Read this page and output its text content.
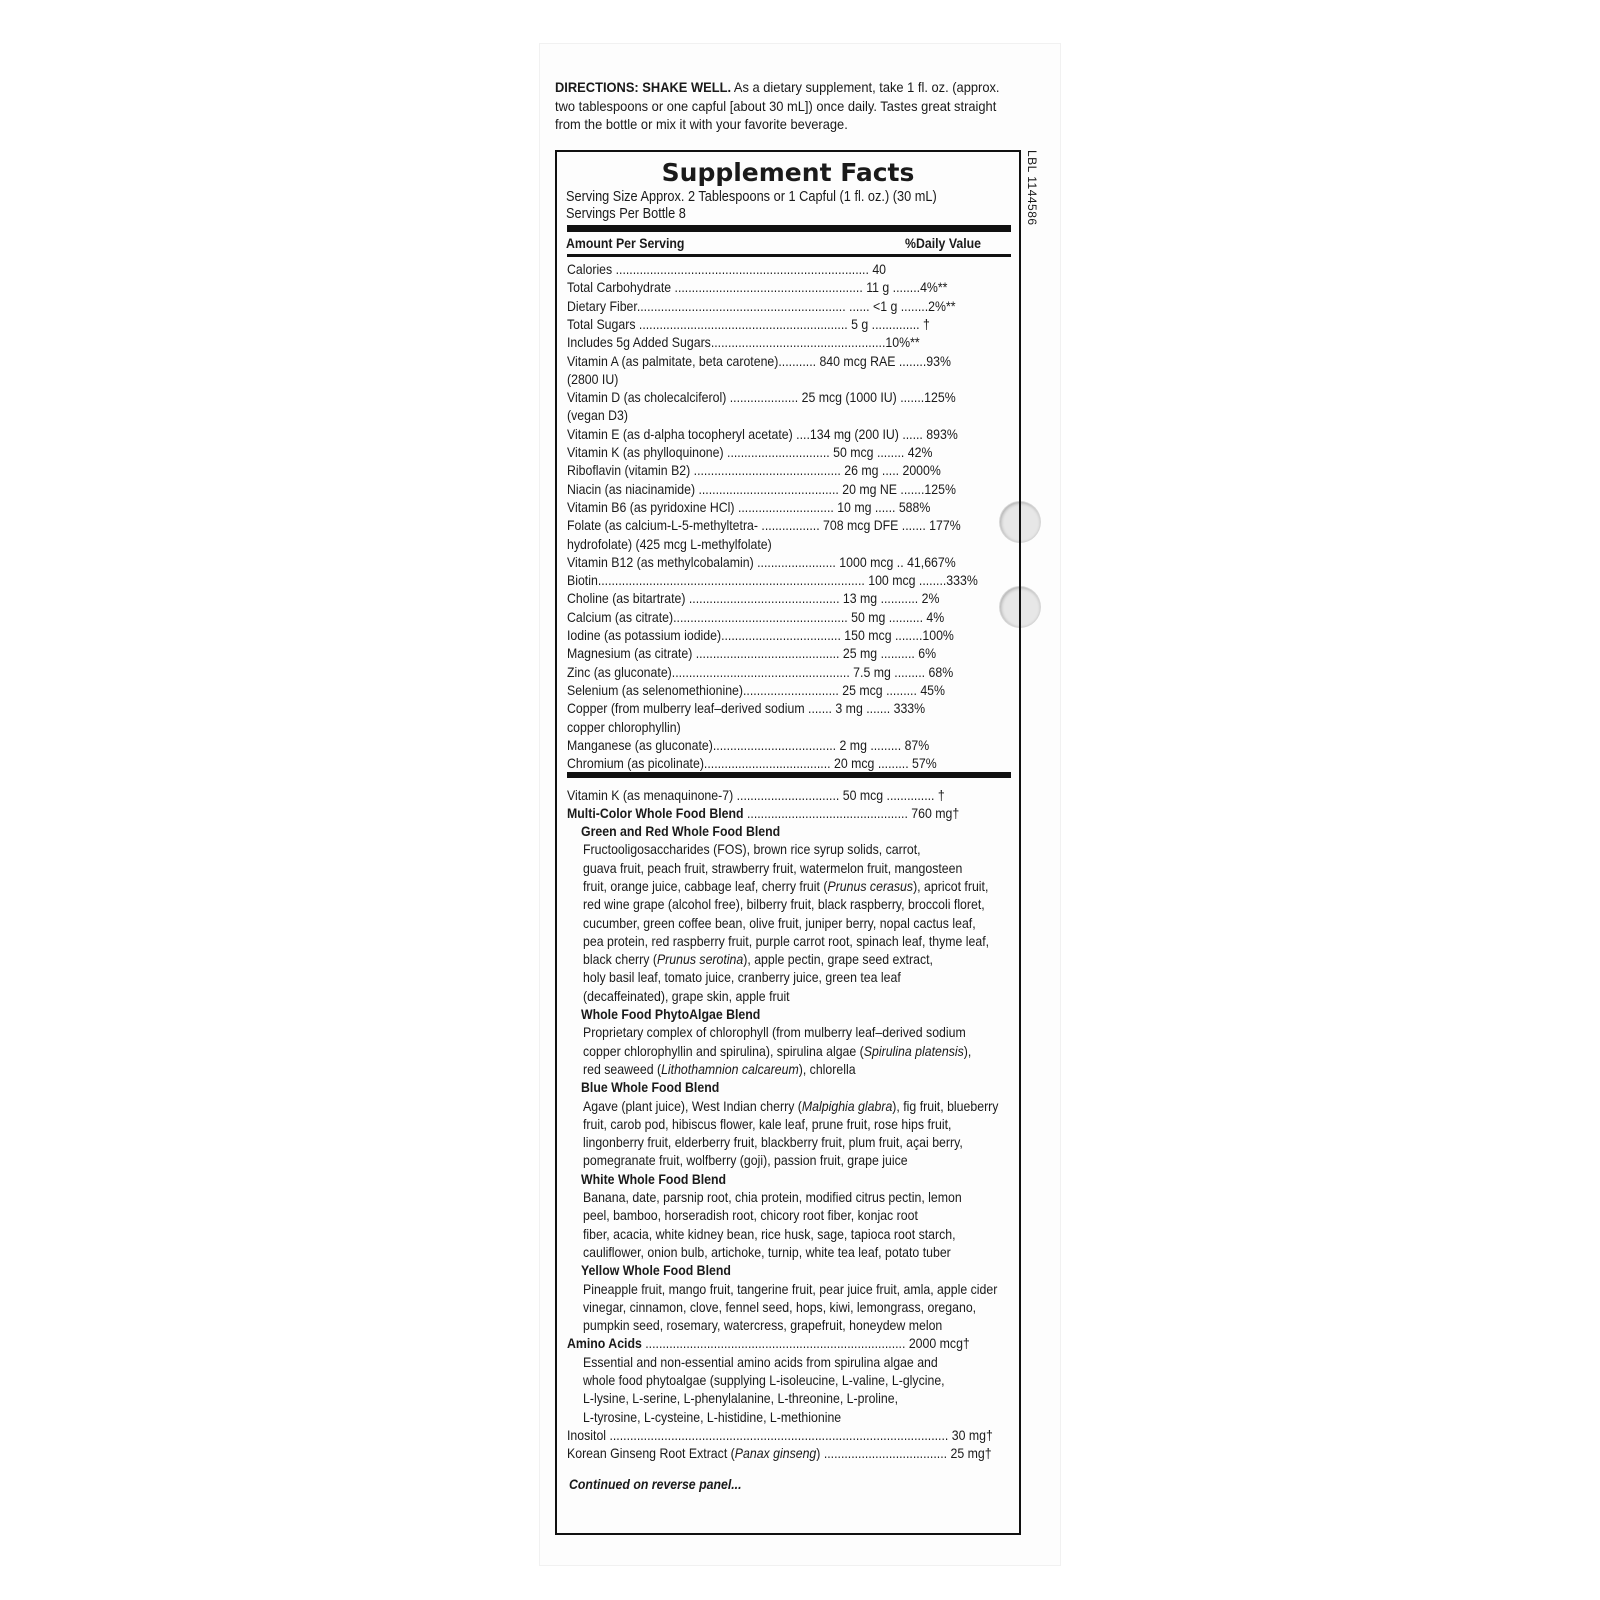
DIRECTIONS: SHAKE WELL. As a dietary supplement, take 1 fl. oz. (approx.
two tablespoons or one capful [about 30 mL]) once daily. Tastes great straight
from the bottle or mix it with your favorite beverage.
LBL 1144586
Supplement Facts
Serving Size Approx. 2 Tablespoons or 1 Capful (1 fl. oz.) (30 mL)
Servings Per Bottle 8
Amount Per Serving	%Daily Value
Calories .......................................................................... 40
Total Carbohydrate ....................................................... 11 g ........4%**
Dietary Fiber............................................................. ...... <1 g ........2%**
Total Sugars ............................................................. 5 g .............. †
Includes 5g Added Sugars...................................................10%**
Vitamin A (as palmitate, beta carotene)........... 840 mcg RAE ........93%
(2800 IU)
Vitamin D (as cholecalciferol) .................... 25 mcg (1000 IU) .......125%
(vegan D3)
Vitamin E (as d-alpha tocopheryl acetate) ....134 mg (200 IU) ...... 893%
Vitamin K (as phylloquinone) .............................. 50 mcg ........ 42%
Riboflavin (vitamin B2) ........................................... 26 mg ..... 2000%
Niacin (as niacinamide) ......................................... 20 mg NE .......125%
Vitamin B6 (as pyridoxine HCl) ............................ 10 mg ...... 588%
Folate (as calcium-L-5-methyltetra- ................. 708 mcg DFE ....... 177%
hydrofolate) (425 mcg L-methylfolate)
Vitamin B12 (as methylcobalamin) ....................... 1000 mcg .. 41,667%
Biotin.............................................................................. 100 mcg ........333%
Choline (as bitartrate) ............................................ 13 mg ........... 2%
Calcium (as citrate)................................................... 50 mg .......... 4%
Iodine (as potassium iodide)................................... 150 mcg ........100%
Magnesium (as citrate) .......................................... 25 mg .......... 6%
Zinc (as gluconate).................................................... 7.5 mg ......... 68%
Selenium (as selenomethionine)............................ 25 mcg ......... 45%
Copper (from mulberry leaf–derived sodium ....... 3 mg ....... 333%
copper chlorophyllin)
Manganese (as gluconate).................................... 2 mg ......... 87%
Chromium (as picolinate)..................................... 20 mcg ......... 57%
Vitamin K (as menaquinone-7) .............................. 50 mcg .............. †
Multi-Color Whole Food Blend ............................................... 760 mg†
Green and Red Whole Food Blend
Fructooligosaccharides (FOS), brown rice syrup solids, carrot,
guava fruit, peach fruit, strawberry fruit, watermelon fruit, mangosteen
fruit, orange juice, cabbage leaf, cherry fruit (Prunus cerasus), apricot fruit,
red wine grape (alcohol free), bilberry fruit, black raspberry, broccoli floret,
cucumber, green coffee bean, olive fruit, juniper berry, nopal cactus leaf,
pea protein, red raspberry fruit, purple carrot root, spinach leaf, thyme leaf,
black cherry (Prunus serotina), apple pectin, grape seed extract,
holy basil leaf, tomato juice, cranberry juice, green tea leaf
(decaffeinated), grape skin, apple fruit
Whole Food PhytoAlgae Blend
Proprietary complex of chlorophyll (from mulberry leaf–derived sodium
copper chlorophyllin and spirulina), spirulina algae (Spirulina platensis),
red seaweed (Lithothamnion calcareum), chlorella
Blue Whole Food Blend
Agave (plant juice), West Indian cherry (Malpighia glabra), fig fruit, blueberry
fruit, carob pod, hibiscus flower, kale leaf, prune fruit, rose hips fruit,
lingonberry fruit, elderberry fruit, blackberry fruit, plum fruit, açai berry,
pomegranate fruit, wolfberry (goji), passion fruit, grape juice
White Whole Food Blend
Banana, date, parsnip root, chia protein, modified citrus pectin, lemon
peel, bamboo, horseradish root, chicory root fiber, konjac root
fiber, acacia, white kidney bean, rice husk, sage, tapioca root starch,
cauliflower, onion bulb, artichoke, turnip, white tea leaf, potato tuber
Yellow Whole Food Blend
Pineapple fruit, mango fruit, tangerine fruit, pear juice fruit, amla, apple cider
vinegar, cinnamon, clove, fennel seed, hops, kiwi, lemongrass, oregano,
pumpkin seed, rosemary, watercress, grapefruit, honeydew melon
Amino Acids ............................................................................ 2000 mcg†
Essential and non-essential amino acids from spirulina algae and
whole food phytoalgae (supplying L-isoleucine, L-valine, L-glycine,
L-lysine, L-serine, L-phenylalanine, L-threonine, L-proline,
L-tyrosine, L-cysteine, L-histidine, L-methionine
Inositol ................................................................................................... 30 mg†
Korean Ginseng Root Extract (Panax ginseng) .................................... 25 mg†
Continued on reverse panel...
